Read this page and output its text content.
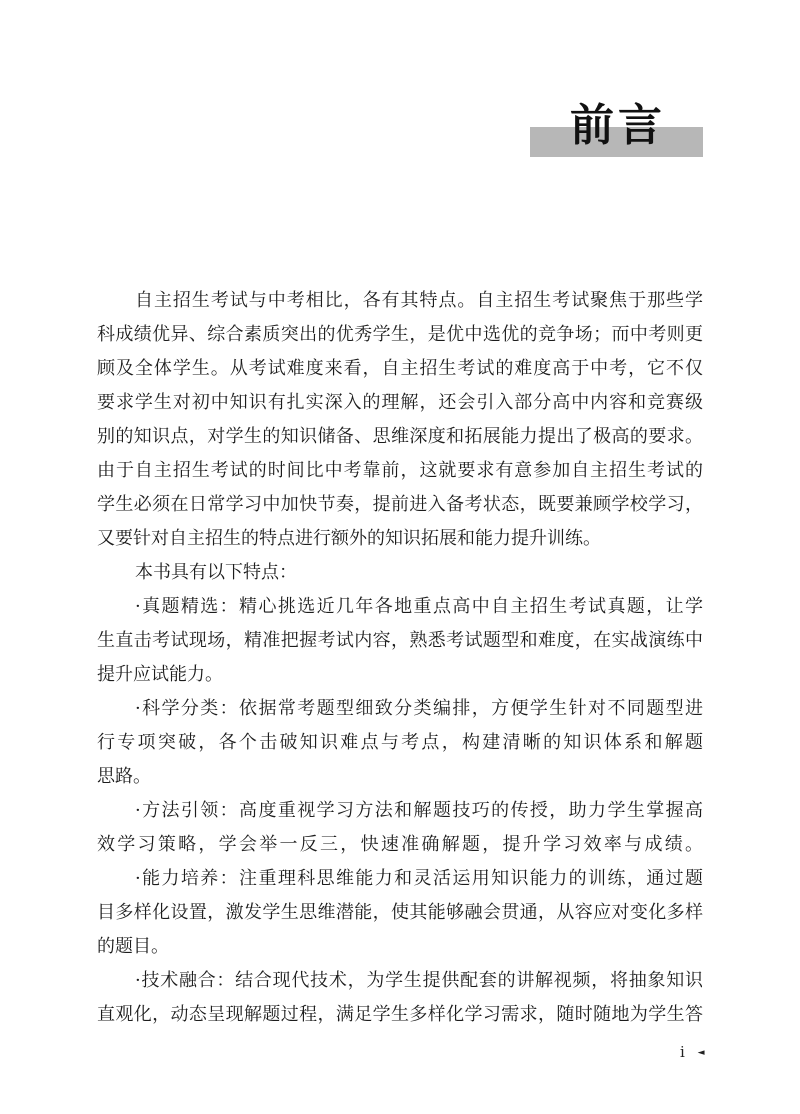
前言
自主招生考试与中考相比，各有其特点。自主招生考试聚焦于那些学
科成绩优异、综合素质突出的优秀学生，是优中选优的竞争场；而中考则更
顾及全体学生。从考试难度来看，自主招生考试的难度高于中考，它不仅
要求学生对初中知识有扎实深入的理解，还会引入部分高中内容和竞赛级
别的知识点，对学生的知识储备、思维深度和拓展能力提出了极高的要求。
由于自主招生考试的时间比中考靠前，这就要求有意参加自主招生考试的
学生必须在日常学习中加快节奏，提前进入备考状态，既要兼顾学校学习，
又要针对自主招生的特点进行额外的知识拓展和能力提升训练。
本书具有以下特点：
·真题精选：精心挑选近几年各地重点高中自主招生考试真题，让学
生直击考试现场，精准把握考试内容，熟悉考试题型和难度，在实战演练中
提升应试能力。
·科学分类：依据常考题型细致分类编排，方便学生针对不同题型进
行专项突破，各个击破知识难点与考点，构建清晰的知识体系和解题
思路。
·方法引领：高度重视学习方法和解题技巧的传授，助力学生掌握高
效学习策略，学会举一反三，快速准确解题，提升学习效率与成绩。
·能力培养：注重理科思维能力和灵活运用知识能力的训练，通过题
目多样化设置，激发学生思维潜能，使其能够融会贯通，从容应对变化多样
的题目。
·技术融合：结合现代技术，为学生提供配套的讲解视频，将抽象知识
直观化，动态呈现解题过程，满足学生多样化学习需求，随时随地为学生答
i ◄
